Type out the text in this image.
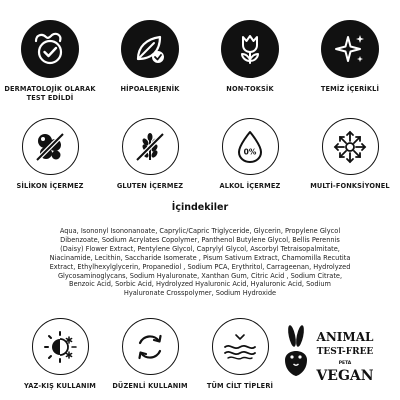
DERMATOLOJİK OLARAK
TEST EDİLDİ
HİPOALERJENİK	NON-TOKSİK	TEMİZ İÇERİKLİ
SİLİKON İÇERMEZ	GLUTEN İÇERMEZ
0%
ALKOL İÇERMEZ	MULTİ-FONKSİYONEL
İçindekiler
Aqua, Isononyl Isononanoate, Caprylic/Capric Triglyceride, Glycerin, Propylene Glycol
Dibenzoate, Sodium Acrylates Copolymer, Panthenol Butylene Glycol, Bellis Perennis
(Daisy) Flower Extract, Pentylene Glycol, Caprylyl Glycol, Ascorbyl Tetraisopalmitate,
Niacinamide, Lecithin, Saccharide Isomerate , Pisum Sativum Extract, Chamomilla Recutita
Extract, Ethylhexylglycerin, Propanediol , Sodium PCA, Erythritol, Carrageenan, Hydrolyzed
Glycosaminoglycans, Sodium Hyaluronate, Xanthan Gum, Citric Acid , Sodium Citrate,
Benzoic Acid, Sorbic Acid, Hydrolyzed Hyaluronic Acid, Hyaluronic Acid, Sodium
Hyaluronate Crosspolymer, Sodium Hydroxide
YAZ-KIŞ KULLANIM	DÜZENLİ KULLANIM	TÜM CİLT TİPLERİ
ANIMAL
TEST-FREE
PETA
VEGAN
